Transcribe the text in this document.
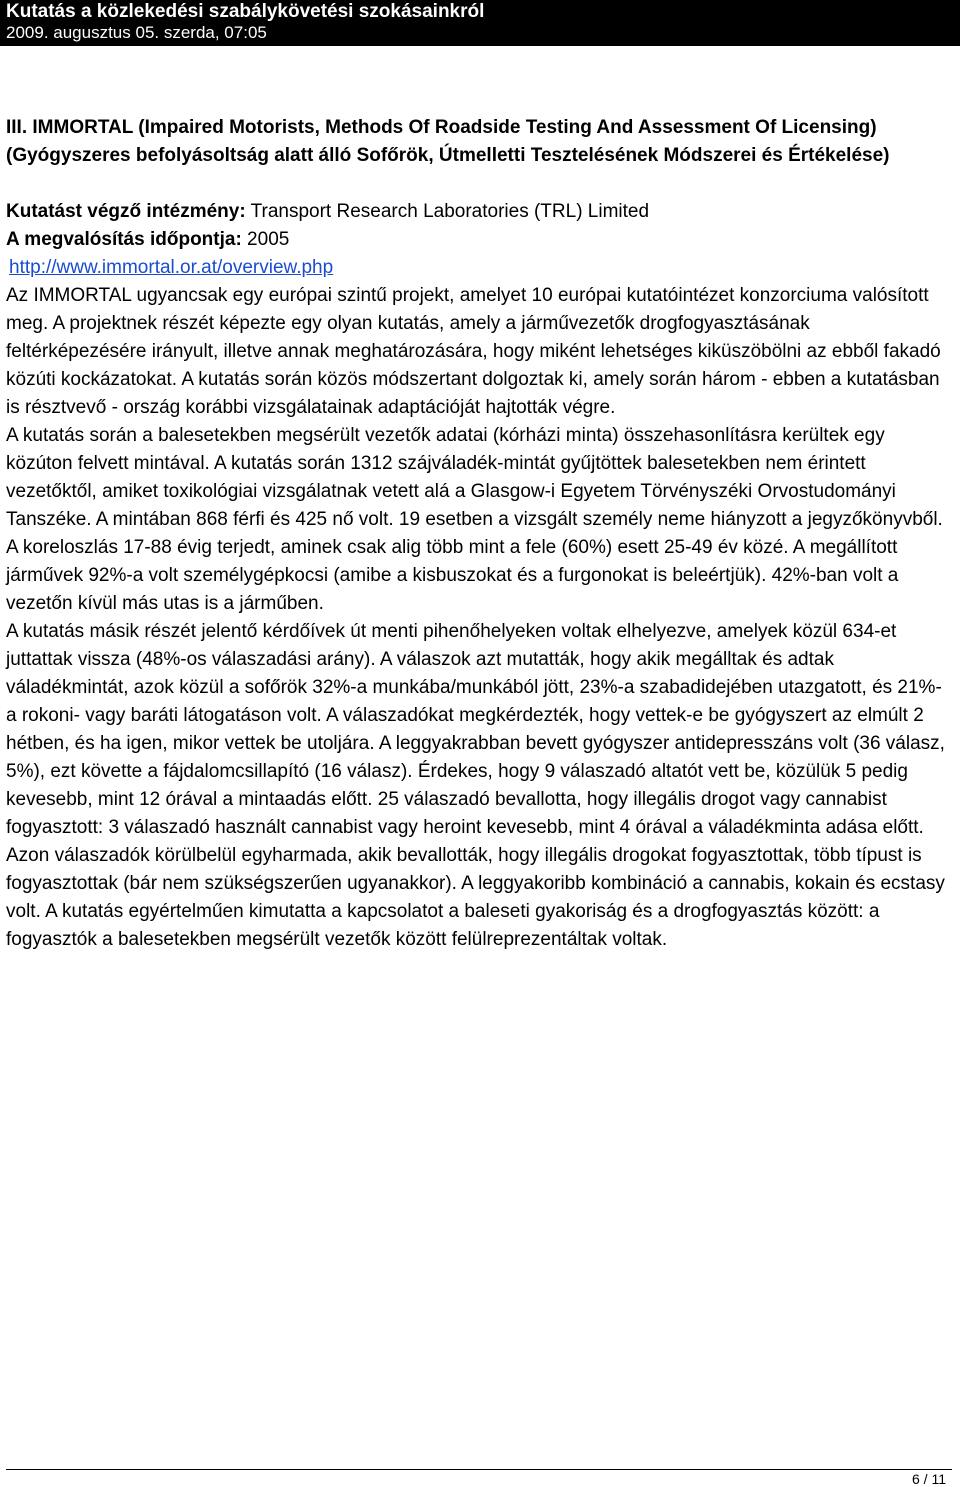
Kutatás a közlekedési szabálykövetési szokásainkról
2009. augusztus 05. szerda, 07:05
III. IMMORTAL (Impaired Motorists, Methods Of Roadside Testing And Assessment Of Licensing)
(Gyógyszeres befolyásoltság alatt álló Sofőrök, Útmelletti Tesztelésének Módszerei és Értékelése)
Kutatást végző intézmény: Transport Research Laboratories (TRL) Limited
A megvalósítás időpontja: 2005
http://www.immortal.or.at/overview.php

Az IMMORTAL ugyancsak egy európai szintű projekt, amelyet 10 európai kutatóintézet konzorciuma valósított meg. A projektnek részét képezte egy olyan kutatás, amely a járművezetők drogfogyasztásának feltérképezésére irányult, illetve annak meghatározására, hogy miként lehetséges kiküszöbölni az ebből fakadó közúti kockázatokat. A kutatás során közös módszertant dolgoztak ki, amely során három - ebben a kutatásban is résztvevő - ország korábbi vizsgálatainak adaptációját hajtották végre.

A kutatás során a balesetekben megsérült vezetők adatai (kórházi minta) összehasonlításra kerültek egy közúton felvett mintával. A kutatás során 1312 szájváladék-mintát gyűjtöttek balesetekben nem érintett vezetőktől, amiket toxikológiai vizsgálatnak vetett alá a Glasgow-i Egyetem Törvényszéki Orvostudományi Tanszéke. A mintában 868 férfi és 425 nő volt. 19 esetben a vizsgált személy neme hiányzott a jegyzőkönyvből. A koreloszlás 17-88 évig terjedt, aminek csak alig több mint a fele (60%) esett 25-49 év közé. A megállított járművek 92%-a volt személygépkocsi (amibe a kisbuszokat és a furgonokat is beleértjük). 42%-ban volt a vezetőn kívül más utas is a járműben.

A kutatás másik részét jelentő kérdőívek út menti pihenőhelyeken voltak elhelyezve, amelyek közül 634-et juttattak vissza (48%-os válaszadási arány). A válaszok azt mutatták, hogy akik megálltak és adtak váladékmintát, azok közül a sofőrök 32%-a munkába/munkából jött, 23%-a szabadidejében utazgatott, és 21%-a rokoni- vagy baráti látogatáson volt. A válaszadókat megkérdezték, hogy vettek-e be gyógyszert az elmúlt 2 hétben, és ha igen, mikor vettek be utoljára. A leggyakrabban bevett gyógyszer antidepresszáns volt (36 válasz, 5%), ezt követte a fájdalomcsillapító (16 válasz). Érdekes, hogy 9 válaszadó altatót vett be, közülük 5 pedig kevesebb, mint 12 órával a mintaadás előtt. 25 válaszadó bevallotta, hogy illegális drogot vagy cannabist fogyasztott: 3 válaszadó használt cannabist vagy heroint kevesebb, mint 4 órával a váladékminta adása előtt. Azon válaszadók körülbelül egyharmada, akik bevallották, hogy illegális drogokat fogyasztottak, több típust is fogyasztottak (bár nem szükségszerűen ugyanakkor). A leggyakoribb kombináció a cannabis, kokain és ecstasy volt. A kutatás egyértelműen kimutatta a kapcsolatot a baleseti gyakoriság és a drogfogyasztás között: a fogyasztók a balesetekben megsérült vezetők között felülreprezentáltak voltak.

6 / 11
